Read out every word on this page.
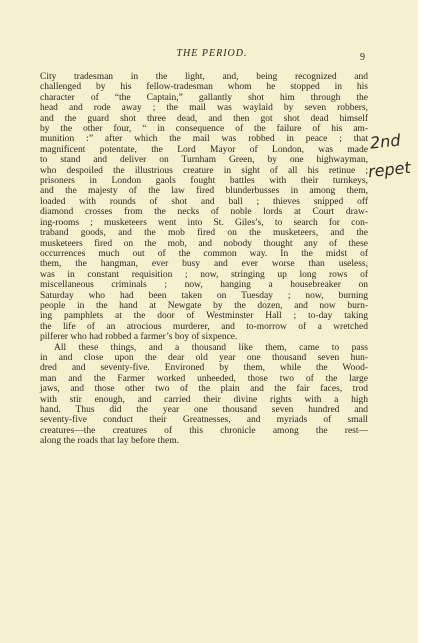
THE PERIOD.	9
City tradesman in the light, and, being recognized and
challenged by his fellow-tradesman whom he stopped in his
character of “the Captain,” gallantly shot him through the
head and rode away ; the mail was waylaid by seven robbers,
and the guard shot three dead, and then got shot dead himself
by the other four, “ in consequence of the failure of his am-
munition :” after which the mail was robbed in peace ; that
magnificent potentate, the Lord Mayor of London, was made
to stand and deliver on Turnham Green, by one highwayman,
who despoiled the illustrious creature in sight of all his retinue ;
prisoners in London gaols fought battles with their turnkeys,
and the majesty of the law fired blunderbusses in among them,
loaded with rounds of shot and ball ; thieves snipped off
diamond crosses from the necks of noble lords at Court draw-
ing-rooms ; musketeers went into St. Giles’s, to search for con-
traband goods, and the mob fired on the musketeers, and the
musketeers fired on the mob, and nobody thought any of these
occurrences much out of the common way. In the midst of
them, the hangman, ever busy and ever worse than useless,
was in constant requisition ; now, stringing up long rows of
miscellaneous criminals ; now, hanging a housebreaker on
Saturday who had been taken on Tuesday ; now, burning
people in the hand at Newgate by the dozen, and now burn-
ing pamphlets at the door of Westminster Hall ; to-day taking
the life of an atrocious murderer, and to-morrow of a wretched
pilferer who had robbed a farmer’s boy of sixpence.
All these things, and a thousand like them, came to pass
in and close upon the dear old year one thousand seven hun-
dred and seventy-five. Environed by them, while the Wood-
man and the Farmer worked unheeded, those two of the large
jaws, and those other two of the plain and the fair faces, trod
with stir enough, and carried their divine rights with a high
hand. Thus did the year one thousand seven hundred and
seventy-five conduct their Greatnesses, and myriads of small
creatures—the creatures of this chronicle among the rest—
along the roads that lay before them.
2nd
repet
